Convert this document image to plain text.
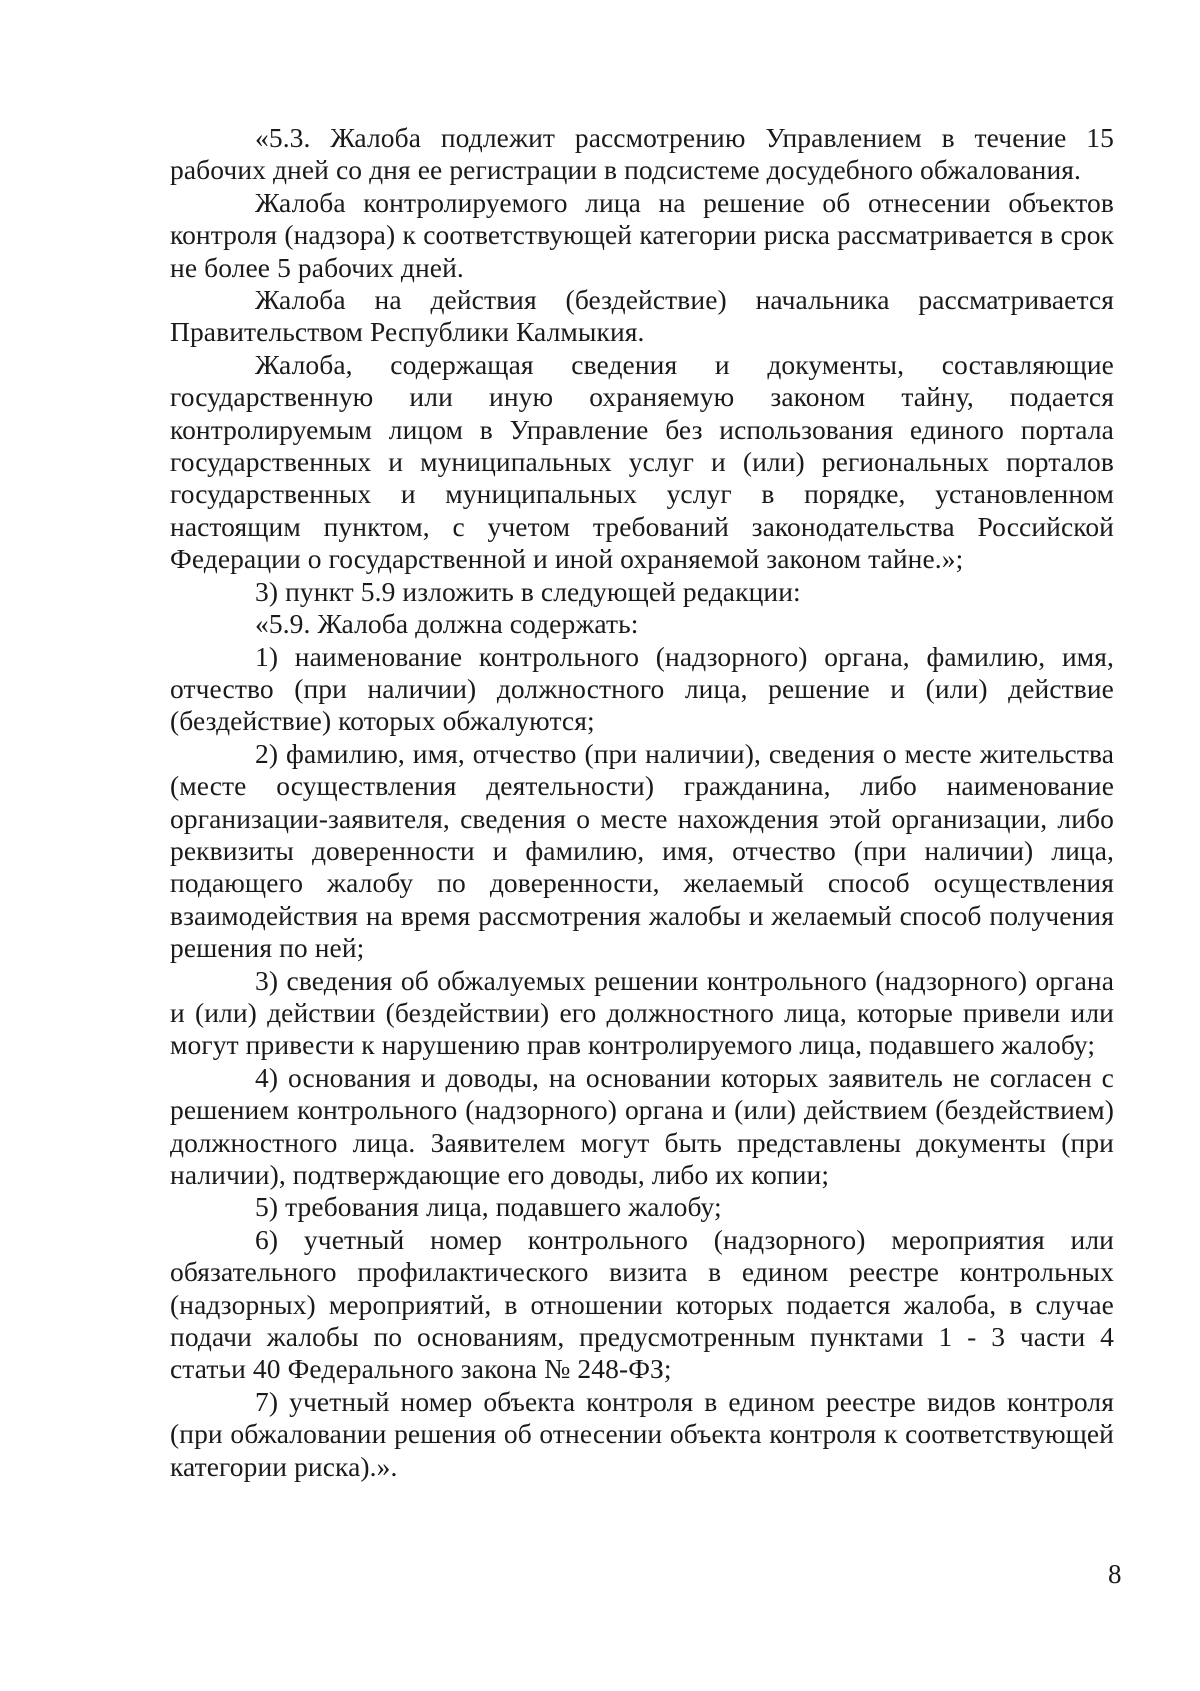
«5.3. Жалоба подлежит рассмотрению Управлением в течение 15 рабочих дней со дня ее регистрации в подсистеме досудебного обжалования.

Жалоба контролируемого лица на решение об отнесении объектов контроля (надзора) к соответствующей категории риска рассматривается в срок не более 5 рабочих дней.

Жалоба на действия (бездействие) начальника рассматривается Правительством Республики Калмыкия.

Жалоба, содержащая сведения и документы, составляющие государственную или иную охраняемую законом тайну, подается контролируемым лицом в Управление без использования единого портала государственных и муниципальных услуг и (или) региональных порталов государственных и муниципальных услуг в порядке, установленном настоящим пунктом, с учетом требований законодательства Российской Федерации о государственной и иной охраняемой законом тайне.»;

3) пункт 5.9 изложить в следующей редакции:

«5.9. Жалоба должна содержать:

1) наименование контрольного (надзорного) органа, фамилию, имя, отчество (при наличии) должностного лица, решение и (или) действие (бездействие) которых обжалуются;

2) фамилию, имя, отчество (при наличии), сведения о месте жительства (месте осуществления деятельности) гражданина, либо наименование организации-заявителя, сведения о месте нахождения этой организации, либо реквизиты доверенности и фамилию, имя, отчество (при наличии) лица, подающего жалобу по доверенности, желаемый способ осуществления взаимодействия на время рассмотрения жалобы и желаемый способ получения решения по ней;

3) сведения об обжалуемых решении контрольного (надзорного) органа и (или) действии (бездействии) его должностного лица, которые привели или могут привести к нарушению прав контролируемого лица, подавшего жалобу;

4) основания и доводы, на основании которых заявитель не согласен с решением контрольного (надзорного) органа и (или) действием (бездействием) должностного лица. Заявителем могут быть представлены документы (при наличии), подтверждающие его доводы, либо их копии;

5) требования лица, подавшего жалобу;

6) учетный номер контрольного (надзорного) мероприятия или обязательного профилактического визита в едином реестре контрольных (надзорных) мероприятий, в отношении которых подается жалоба, в случае подачи жалобы по основаниям, предусмотренным пунктами 1 - 3 части 4 статьи 40 Федерального закона № 248-ФЗ;

7) учетный номер объекта контроля в едином реестре видов контроля (при обжаловании решения об отнесении объекта контроля к соответствующей категории риска).».

8
